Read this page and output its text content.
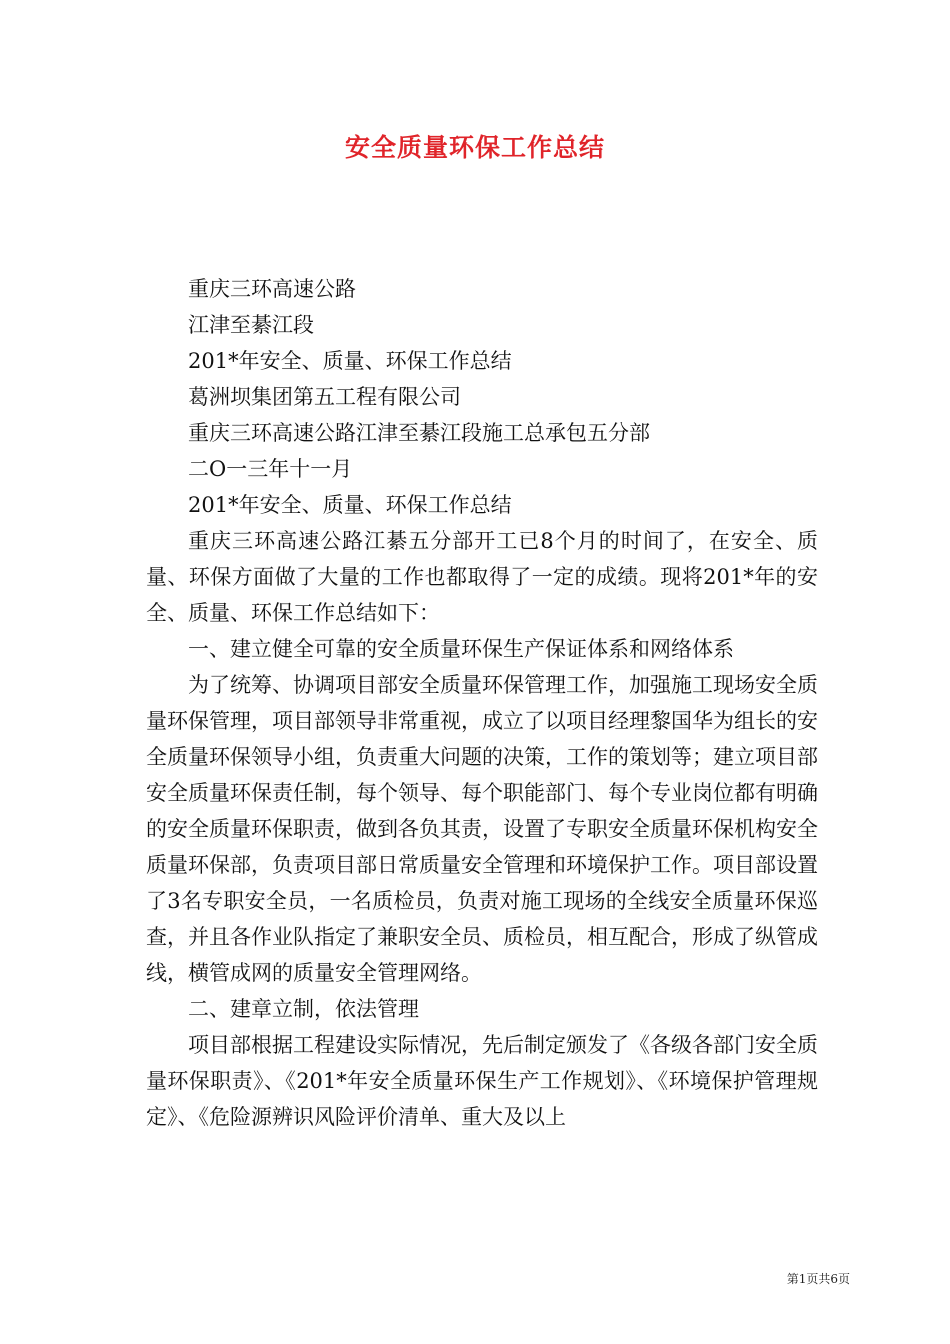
安全质量环保工作总结

重庆三环高速公路

江津至綦江段

201*年安全、质量、环保工作总结

葛洲坝集团第五工程有限公司

重庆三环高速公路江津至綦江段施工总承包五分部

二O一三年十一月

201*年安全、质量、环保工作总结

重庆三环高速公路江綦五分部开工已8个月的时间了，在安全、质量、环保方面做了大量的工作也都取得了一定的成绩。现将201*年的安全、质量、环保工作总结如下：

一、建立健全可靠的安全质量环保生产保证体系和网络体系

为了统筹、协调项目部安全质量环保管理工作，加强施工现场安全质量环保管理，项目部领导非常重视，成立了以项目经理黎国华为组长的安全质量环保领导小组，负责重大问题的决策，工作的策划等；建立项目部安全质量环保责任制，每个领导、每个职能部门、每个专业岗位都有明确的安全质量环保职责，做到各负其责，设置了专职安全质量环保机构安全质量环保部，负责项目部日常质量安全管理和环境保护工作。项目部设置了3名专职安全员，一名质检员，负责对施工现场的全线安全质量环保巡查，并且各作业队指定了兼职安全员、质检员，相互配合，形成了纵管成线，横管成网的质量安全管理网络。

二、建章立制，依法管理

项目部根据工程建设实际情况，先后制定颁发了《各级各部门安全质量环保职责》、《201*年安全质量环保生产工作规划》、《环境保护管理规定》、《危险源辨识风险评价清单、重大及以上

第1页共6页
